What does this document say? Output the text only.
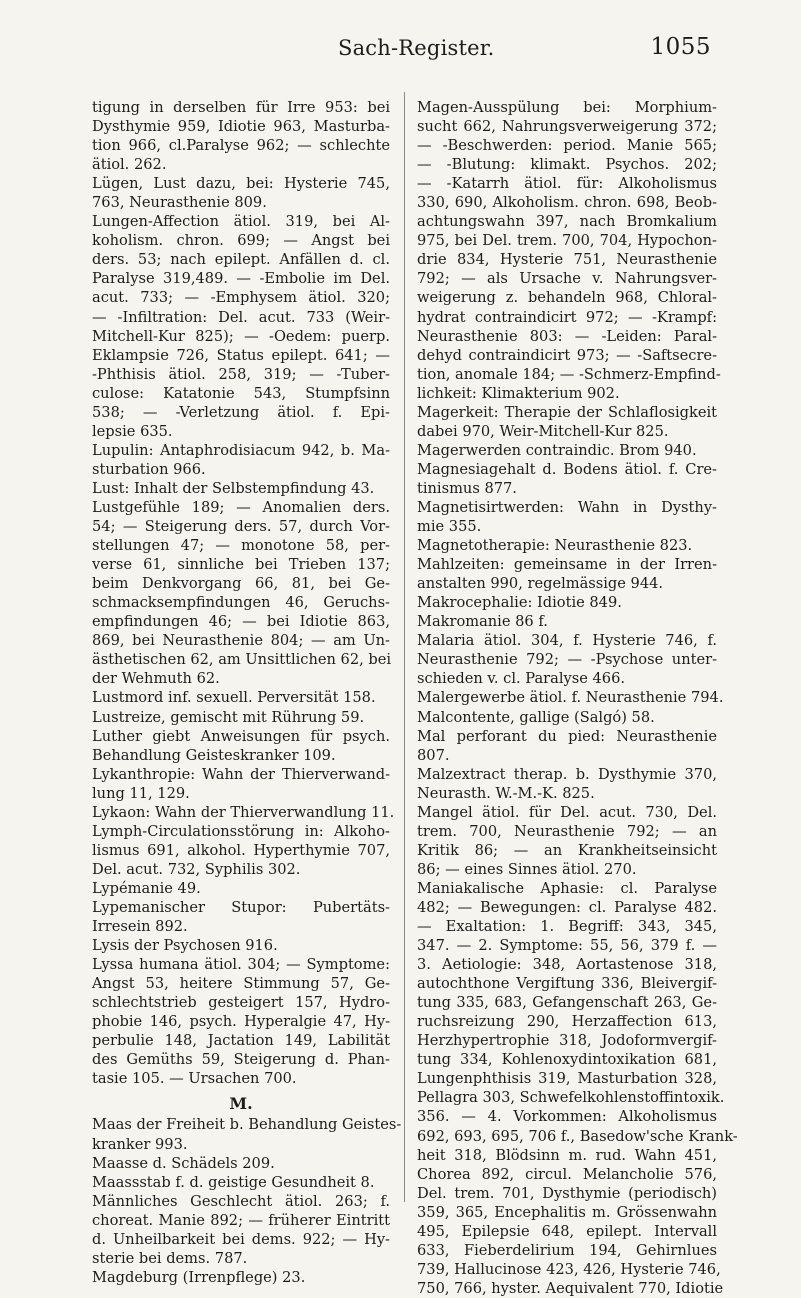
Sach-Register.	1055

tigung in derselben für Irre 953: bei
Dysthymie 959, Idiotie 963, Masturba-
tion 966, cl.Paralyse 962; — schlechte
ätiol. 262.

Lügen, Lust dazu, bei: Hysterie 745,
763, Neurasthenie 809.

Lungen-Affection ätiol. 319, bei Al-
koholism. chron. 699; — Angst bei
ders. 53; nach epilept. Anfällen d. cl.
Paralyse 319,489. — -Embolie im Del.
acut. 733; — -Emphysem ätiol. 320;
— -Infiltration: Del. acut. 733 (Weir-
Mitchell-Kur 825); — -Oedem: puerp.
Eklampsie 726, Status epilept. 641; —
-Phthisis ätiol. 258, 319; — -Tuber-
culose: Katatonie 543, Stumpfsinn
538; — -Verletzung ätiol. f. Epi-
lepsie 635.

Lupulin: Antaphrodisiacum 942, b. Ma-
sturbation 966.

Lust: Inhalt der Selbstempfindung 43.

Lustgefühle 189; — Anomalien ders.
54; — Steigerung ders. 57, durch Vor-
stellungen 47; — monotone 58, per-
verse 61, sinnliche bei Trieben 137;
beim Denkvorgang 66, 81, bei Ge-
schmacksempfindungen 46, Geruchs-
empfindungen 46; — bei Idiotie 863,
869, bei Neurasthenie 804; — am Un-
ästhetischen 62, am Unsittlichen 62, bei
der Wehmuth 62.

Lustmord inf. sexuell. Perversität 158.

Lustreize, gemischt mit Rührung 59.

Luther giebt Anweisungen für psych.
Behandlung Geisteskranker 109.

Lykanthropie: Wahn der Thierverwand-
lung 11, 129.

Lykaon: Wahn der Thierverwandlung 11.

Lymph-Circulationsstörung in: Alkoho-
lismus 691, alkohol. Hyperthymie 707,
Del. acut. 732, Syphilis 302.

Lypémanie 49.

Lypemanischer Stupor: Pubertäts-
Irresein 892.

Lysis der Psychosen 916.

Lyssa humana ätiol. 304; — Symptome:
Angst 53, heitere Stimmung 57, Ge-
schlechtstrieb gesteigert 157, Hydro-
phobie 146, psych. Hyperalgie 47, Hy-
perbulie 148, Jactation 149, Labilität
des Gemüths 59, Steigerung d. Phan-
tasie 105. — Ursachen 700.

M.

Maas der Freiheit b. Behandlung Geistes-
kranker 993.

Maasse d. Schädels 209.

Maassstab f. d. geistige Gesundheit 8.

Männliches Geschlecht ätiol. 263; f.
choreat. Manie 892; — früherer Eintritt
d. Unheilbarkeit bei dems. 922; — Hy-
sterie bei dems. 787.

Magdeburg (Irrenpflege) 23.

Magen-Ausspülung bei: Morphium-
sucht 662, Nahrungsverweigerung 372;
— -Beschwerden: period. Manie 565;
— -Blutung: klimakt. Psychos. 202;
— -Katarrh ätiol. für: Alkoholismus
330, 690, Alkoholism. chron. 698, Beob-
achtungswahn 397, nach Bromkalium
975, bei Del. trem. 700, 704, Hypochon-
drie 834, Hysterie 751, Neurasthenie
792; — als Ursache v. Nahrungsver-
weigerung z. behandeln 968, Chloral-
hydrat contraindicirt 972; — -Krampf:
Neurasthenie 803: — -Leiden: Paral-
dehyd contraindicirt 973; — -Saftsecre-
tion, anomale 184; — -Schmerz-Empfind-
lichkeit: Klimakterium 902.

Magerkeit: Therapie der Schlaflosigkeit
dabei 970, Weir-Mitchell-Kur 825.

Magerwerden contraindic. Brom 940.

Magnesiagehalt d. Bodens ätiol. f. Cre-
tinismus 877.

Magnetisirtwerden: Wahn in Dysthy-
mie 355.

Magnetotherapie: Neurasthenie 823.

Mahlzeiten: gemeinsame in der Irren-
anstalten 990, regelmässige 944.

Makrocephalie: Idiotie 849.

Makromanie 86 f.

Malaria ätiol. 304, f. Hysterie 746, f.
Neurasthenie 792; — -Psychose unter-
schieden v. cl. Paralyse 466.

Malergewerbe ätiol. f. Neurasthenie 794.

Malcontente, gallige (Salgó) 58.

Mal perforant du pied: Neurasthenie
807.

Malzextract therap. b. Dysthymie 370,
Neurasth. W.-M.-K. 825.

Mangel ätiol. für Del. acut. 730, Del.
trem. 700, Neurasthenie 792; — an
Kritik 86; — an Krankheitseinsicht
86; — eines Sinnes ätiol. 270.

Maniakalische Aphasie: cl. Paralyse
482; — Bewegungen: cl. Paralyse 482.
— Exaltation: 1. Begriff: 343, 345,
347. — 2. Symptome: 55, 56, 379 f. —
3. Aetiologie: 348, Aortastenose 318,
autochthone Vergiftung 336, Bleivergif-
tung 335, 683, Gefangenschaft 263, Ge-
ruchsreizung 290, Herzaffection 613,
Herzhypertrophie 318, Jodoformvergif-
tung 334, Kohlenoxydintoxikation 681,
Lungenphthisis 319, Masturbation 328,
Pellagra 303, Schwefelkohlenstoffintoxik.
356. — 4. Vorkommen: Alkoholismus
692, 693, 695, 706 f., Basedow'sche Krank-
heit 318, Blödsinn m. rud. Wahn 451,
Chorea 892, circul. Melancholie 576,
Del. trem. 701, Dysthymie (periodisch)
359, 365, Encephalitis m. Grössenwahn
495, Epilepsie 648, epilept. Intervall
633, Fieberdelirium 194, Gehirnlues
739, Hallucinose 423, 426, Hysterie 746,
750, 766, hyster. Aequivalent 770, Idiotie
